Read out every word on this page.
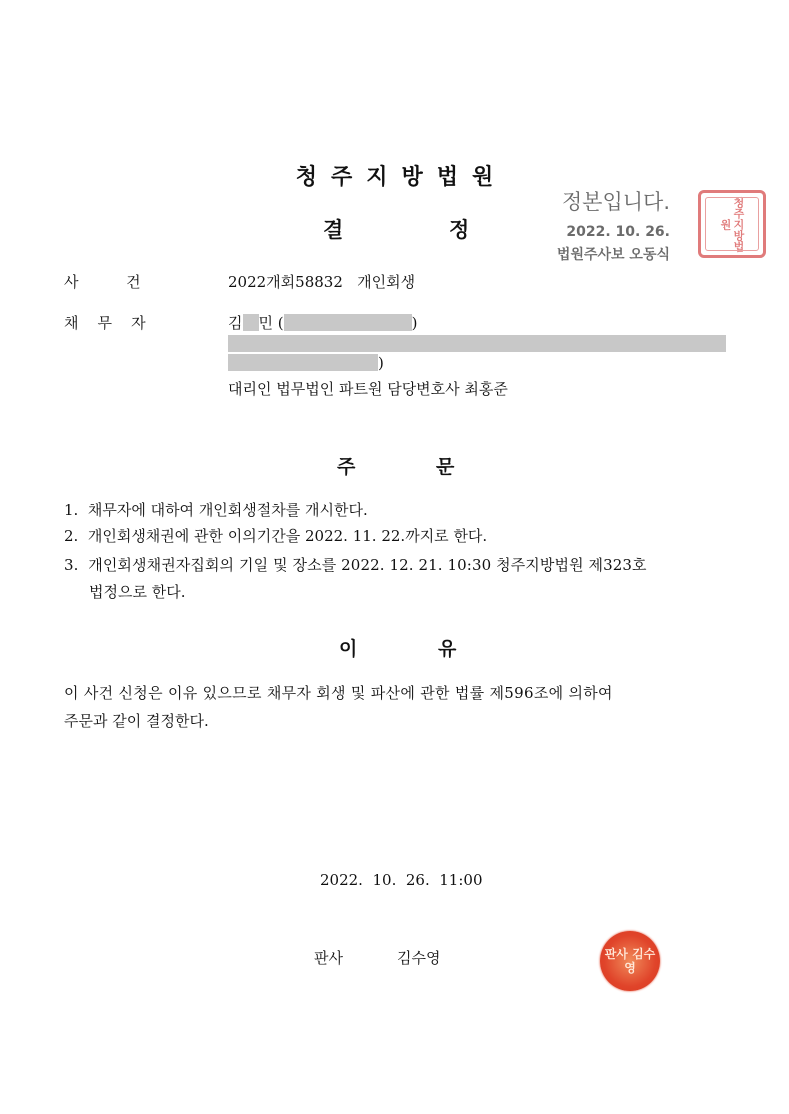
청주지방법원
결	정
정본입니다.
2022. 10. 26.
법원주사보 오동식
청주지방법원
사          건	2022개회58832   개인회생
채    무    자	김 민 (	)
)
대리인 법무법인 파트원 담당변호사 최홍준
주	문
1.  채무자에 대하여 개인회생절차를 개시한다.
2.  개인회생채권에 관한 이의기간을 2022. 11. 22.까지로 한다.
3.  개인회생채권자집회의 기일 및 장소를 2022. 12. 21. 10:30 청주지방법원 제323호
법정으로 한다.
이	유
이 사건 신청은 이유 있으므로 채무자 회생 및 파산에 관한 법률 제596조에 의하여
주문과 같이 결정한다.
2022.  10.  26.  11:00
판사	김수영	판사 김수영
